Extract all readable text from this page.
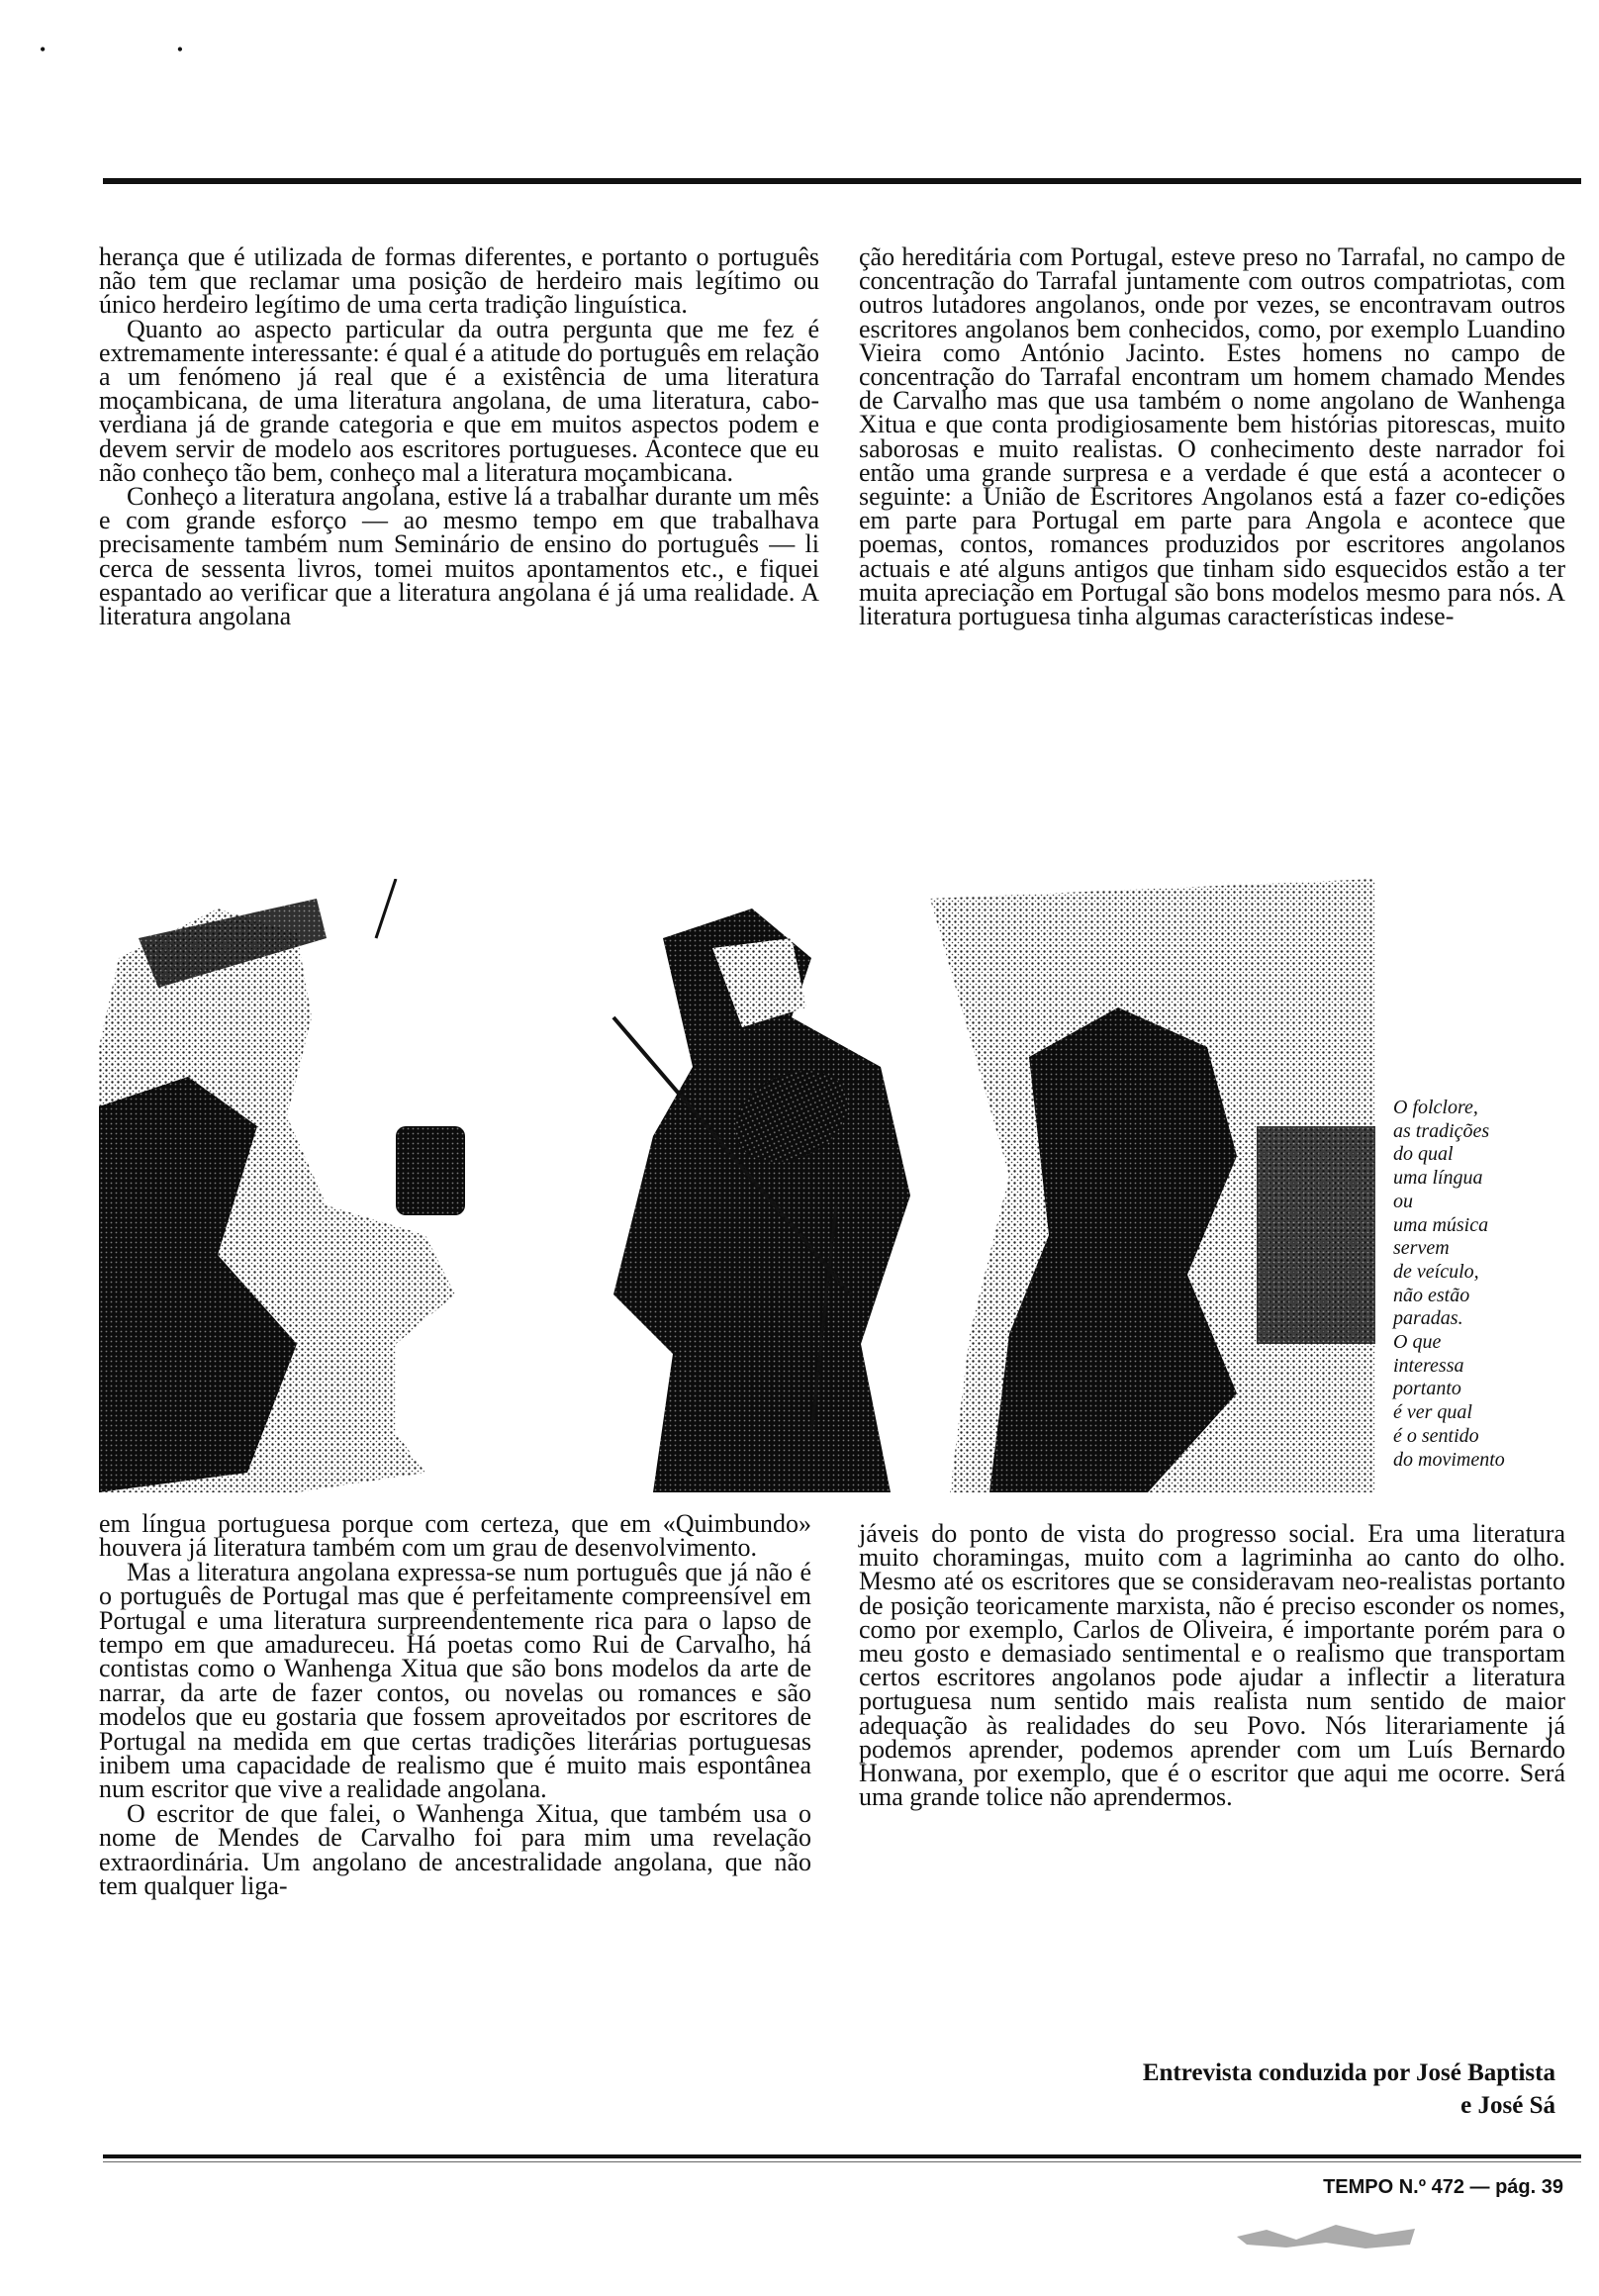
• •

herança que é utilizada de formas diferentes, e portanto o português não tem que reclamar uma posição de herdeiro mais legítimo ou único herdeiro legítimo de uma certa tradição linguística.

Quanto ao aspecto particular da outra pergunta que me fez é extremamente interessante: é qual é a atitude do português em relação a um fenómeno já real que é a existência de uma literatura moçambicana, de uma literatura angolana, de uma literatura, cabo-verdiana já de grande categoria e que em muitos aspectos podem e devem servir de modelo aos escritores portugueses. Acontece que eu não conheço tão bem, conheço mal a literatura moçambicana.

Conheço a literatura angolana, estive lá a trabalhar durante um mês e com grande esforço — ao mesmo tempo em que trabalhava precisamente também num Seminário de ensino do português — li cerca de sessenta livros, tomei muitos apontamentos etc., e fiquei espantado ao verificar que a literatura angolana é já uma realidade. A literatura angolana

ção hereditária com Portugal, esteve preso no Tarrafal, no campo de concentração do Tarrafal juntamente com outros compatriotas, com outros lutadores angolanos, onde por vezes, se encontravam outros escritores angolanos bem conhecidos, como, por exemplo Luandino Vieira como António Jacinto. Estes homens no campo de concentração do Tarrafal encontram um homem chamado Mendes de Carvalho mas que usa também o nome angolano de Wanhenga Xitua e que conta prodigiosamente bem histórias pitorescas, muito saborosas e muito realistas. O conhecimento deste narrador foi então uma grande surpresa e a verdade é que está a acontecer o seguinte: a União de Escritores Angolanos está a fazer co-edições em parte para Portugal em parte para Angola e acontece que poemas, contos, romances produzidos por escritores angolanos actuais e até alguns antigos que tinham sido esquecidos estão a ter muita apreciação em Portugal são bons modelos mesmo para nós. A literatura portuguesa tinha algumas características indese-

O folclore,
as tradições
do qual
uma língua
ou
uma música
servem
de veículo,
não estão
paradas.
O que
interessa
portanto
é ver qual
é o sentido
do movimento

em língua portuguesa porque com certeza, que em «Quimbundo» houvera já literatura também com um grau de desenvolvimento.

Mas a literatura angolana expressa-se num português que já não é o português de Portugal mas que é perfeitamente compreensível em Portugal e uma literatura surpreendentemente rica para o lapso de tempo em que amadureceu. Há poetas como Rui de Carvalho, há contistas como o Wanhenga Xitua que são bons modelos da arte de narrar, da arte de fazer contos, ou novelas ou romances e são modelos que eu gostaria que fossem aproveitados por escritores de Portugal na medida em que certas tradições literárias portuguesas inibem uma capacidade de realismo que é muito mais espontânea num escritor que vive a realidade angolana.

O escritor de que falei, o Wanhenga Xitua, que também usa o nome de Mendes de Carvalho foi para mim uma revelação extraordinária. Um angolano de ancestralidade angolana, que não tem qualquer liga-

jáveis do ponto de vista do progresso social. Era uma literatura muito choramingas, muito com a lagriminha ao canto do olho. Mesmo até os escritores que se consideravam neo-realistas portanto de posição teoricamente marxista, não é preciso esconder os nomes, como por exemplo, Carlos de Oliveira, é importante porém para o meu gosto e demasiado sentimental e o realismo que transportam certos escritores angolanos pode ajudar a inflectir a literatura portuguesa num sentido mais realista num sentido de maior adequação às realidades do seu Povo. Nós literariamente já podemos aprender, podemos aprender com um Luís Bernardo Honwana, por exemplo, que é o escritor que aqui me ocorre. Será uma grande tolice não aprendermos.

Entrevista conduzida por José Baptista
e José Sá
TEMPO N.º 472 — pág. 39
